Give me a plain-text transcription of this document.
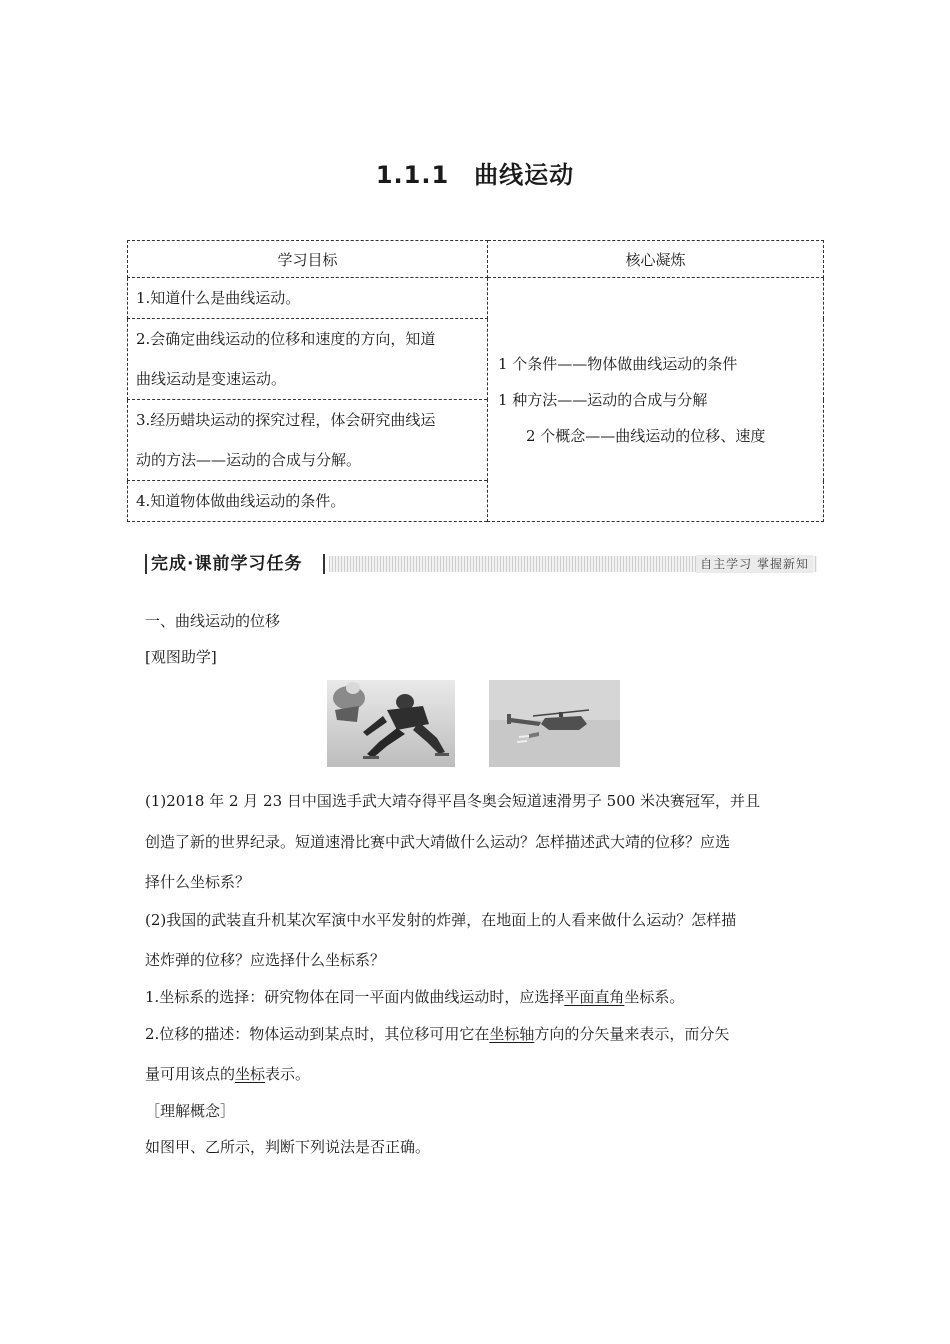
1.1.1　曲线运动
学习目标	核心凝炼
1.知道什么是曲线运动。	1 个条件——物体做曲线运动的条件
1 种方法——运动的合成与分解
2 个概念——曲线运动的位移、速度

2.会确定曲线运动的位移和速度的方向，知道
曲线运动是变速运动。	

3.经历蜡块运动的探究过程，体会研究曲线运
动的方法——运动的合成与分解。	

4.知道物体做曲线运动的条件。	
完成·课前学习任务	自主学习 掌握新知
一、曲线运动的位移
[观图助学]
(1)2018 年 2 月 23 日中国选手武大靖夺得平昌冬奥会短道速滑男子 500 米决赛冠军，并且
创造了新的世界纪录。短道速滑比赛中武大靖做什么运动？怎样描述武大靖的位移？应选
择什么坐标系？
(2)我国的武装直升机某次军演中水平发射的炸弹，在地面上的人看来做什么运动？怎样描
述炸弹的位移？应选择什么坐标系？
1.坐标系的选择：研究物体在同一平面内做曲线运动时，应选择平面直角坐标系。
2.位移的描述：物体运动到某点时，其位移可用它在坐标轴方向的分矢量来表示，而分矢
量可用该点的坐标表示。
［理解概念］
如图甲、乙所示，判断下列说法是否正确。
